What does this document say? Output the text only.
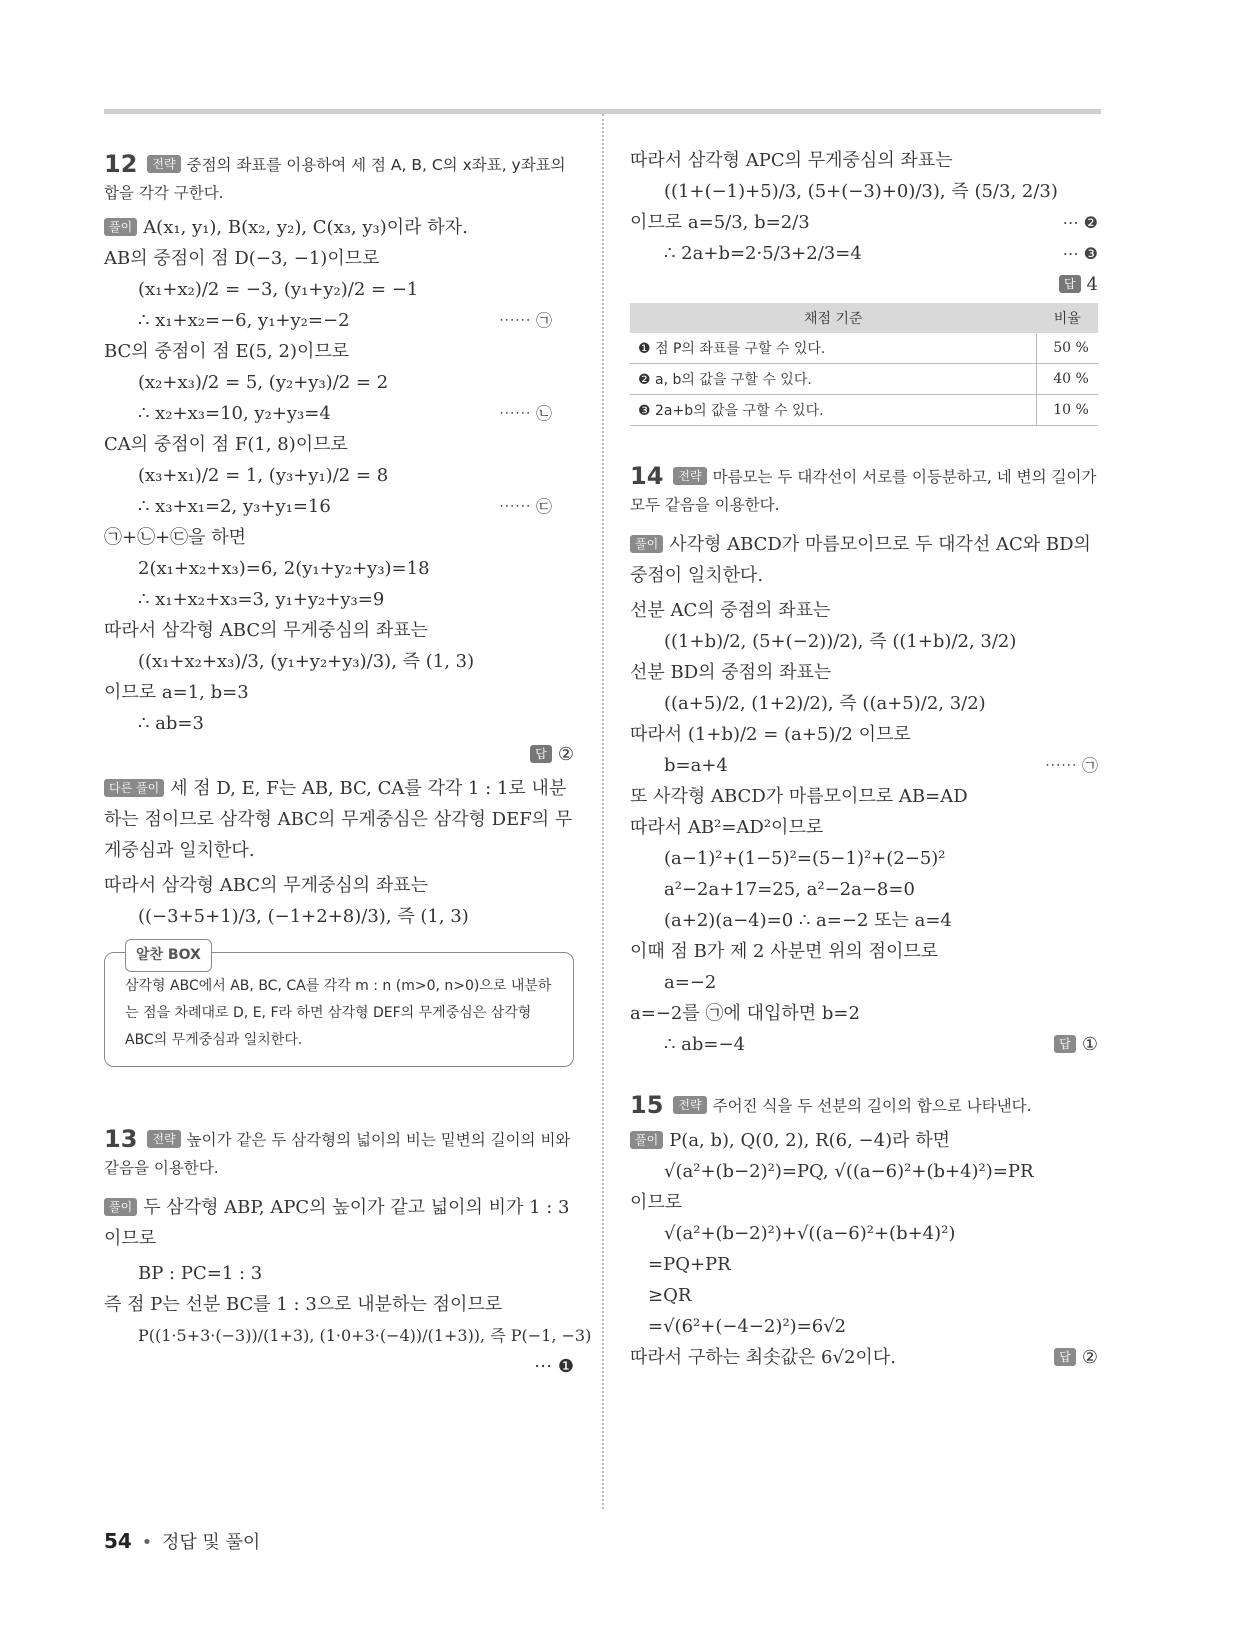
12 전략 중점의 좌표를 이용하여 세 점 A, B, C의 x좌표, y좌표의 합을 각각 구한다.
풀이 A(x₁, y₁), B(x₂, y₂), C(x₃, y₃)이라 하자.
AB의 중점이 점 D(−3, −1)이므로
(x₁+x₂)/2 = −3, (y₁+y₂)/2 = −1
∴ x₁+x₂=−6, y₁+y₂=−2	⋯⋯ ㉠
BC의 중점이 점 E(5, 2)이므로
(x₂+x₃)/2 = 5, (y₂+y₃)/2 = 2
∴ x₂+x₃=10, y₂+y₃=4	⋯⋯ ㉡
CA의 중점이 점 F(1, 8)이므로
(x₃+x₁)/2 = 1, (y₃+y₁)/2 = 8
∴ x₃+x₁=2, y₃+y₁=16	⋯⋯ ㉢
㉠+㉡+㉢을 하면
2(x₁+x₂+x₃)=6, 2(y₁+y₂+y₃)=18
∴ x₁+x₂+x₃=3, y₁+y₂+y₃=9
따라서 삼각형 ABC의 무게중심의 좌표는
((x₁+x₂+x₃)/3, (y₁+y₂+y₃)/3), 즉 (1, 3)
이므로 a=1, b=3
∴ ab=3
답 ②
다른 풀이 세 점 D, E, F는 AB, BC, CA를 각각 1 : 1로 내분하는 점이므로 삼각형 ABC의 무게중심은 삼각형 DEF의 무게중심과 일치한다.
따라서 삼각형 ABC의 무게중심의 좌표는
((−3+5+1)/3, (−1+2+8)/3), 즉 (1, 3)
알찬 BOX
삼각형 ABC에서 AB, BC, CA를 각각 m : n (m>0, n>0)으로 내분하는 점을 차례대로 D, E, F라 하면 삼각형 DEF의 무게중심은 삼각형 ABC의 무게중심과 일치한다.
13 전략 높이가 같은 두 삼각형의 넓이의 비는 밑변의 길이의 비와 같음을 이용한다.
풀이 두 삼각형 ABP, APC의 높이가 같고 넓이의 비가 1 : 3이므로
BP : PC=1 : 3
즉 점 P는 선분 BC를 1 : 3으로 내분하는 점이므로
P((1·5+3·(−3))/(1+3), (1·0+3·(−4))/(1+3)), 즉 P(−1, −3)
⋯ ❶
따라서 삼각형 APC의 무게중심의 좌표는
((1+(−1)+5)/3, (5+(−3)+0)/3), 즉 (5/3, 2/3)
이므로 a=5/3, b=2/3	⋯ ❷
∴ 2a+b=2·5/3+2/3=4	⋯ ❸
답 4
채점 기준	비율
❶ 점 P의 좌표를 구할 수 있다.	50 %
❷ a, b의 값을 구할 수 있다.	40 %
❸ 2a+b의 값을 구할 수 있다.	10 %
14 전략 마름모는 두 대각선이 서로를 이등분하고, 네 변의 길이가 모두 같음을 이용한다.
풀이 사각형 ABCD가 마름모이므로 두 대각선 AC와 BD의 중점이 일치한다.
선분 AC의 중점의 좌표는
((1+b)/2, (5+(−2))/2), 즉 ((1+b)/2, 3/2)
선분 BD의 중점의 좌표는
((a+5)/2, (1+2)/2), 즉 ((a+5)/2, 3/2)
따라서 (1+b)/2 = (a+5)/2 이므로
b=a+4	⋯⋯ ㉠
또 사각형 ABCD가 마름모이므로 AB=AD
따라서 AB²=AD²이므로
(a−1)²+(1−5)²=(5−1)²+(2−5)²
a²−2a+17=25, a²−2a−8=0
(a+2)(a−4)=0 ∴ a=−2 또는 a=4
이때 점 B가 제 2 사분면 위의 점이므로
a=−2
a=−2를 ㉠에 대입하면 b=2
∴ ab=−4	답 ①
15 전략 주어진 식을 두 선분의 길이의 합으로 나타낸다.
풀이 P(a, b), Q(0, 2), R(6, −4)라 하면
√(a²+(b−2)²)=PQ, √((a−6)²+(b+4)²)=PR
이므로
√(a²+(b−2)²)+√((a−6)²+(b+4)²)
=PQ+PR
≥QR
=√(6²+(−4−2)²)=6√2
따라서 구하는 최솟값은 6√2이다.	답 ②
54 • 정답 및 풀이
